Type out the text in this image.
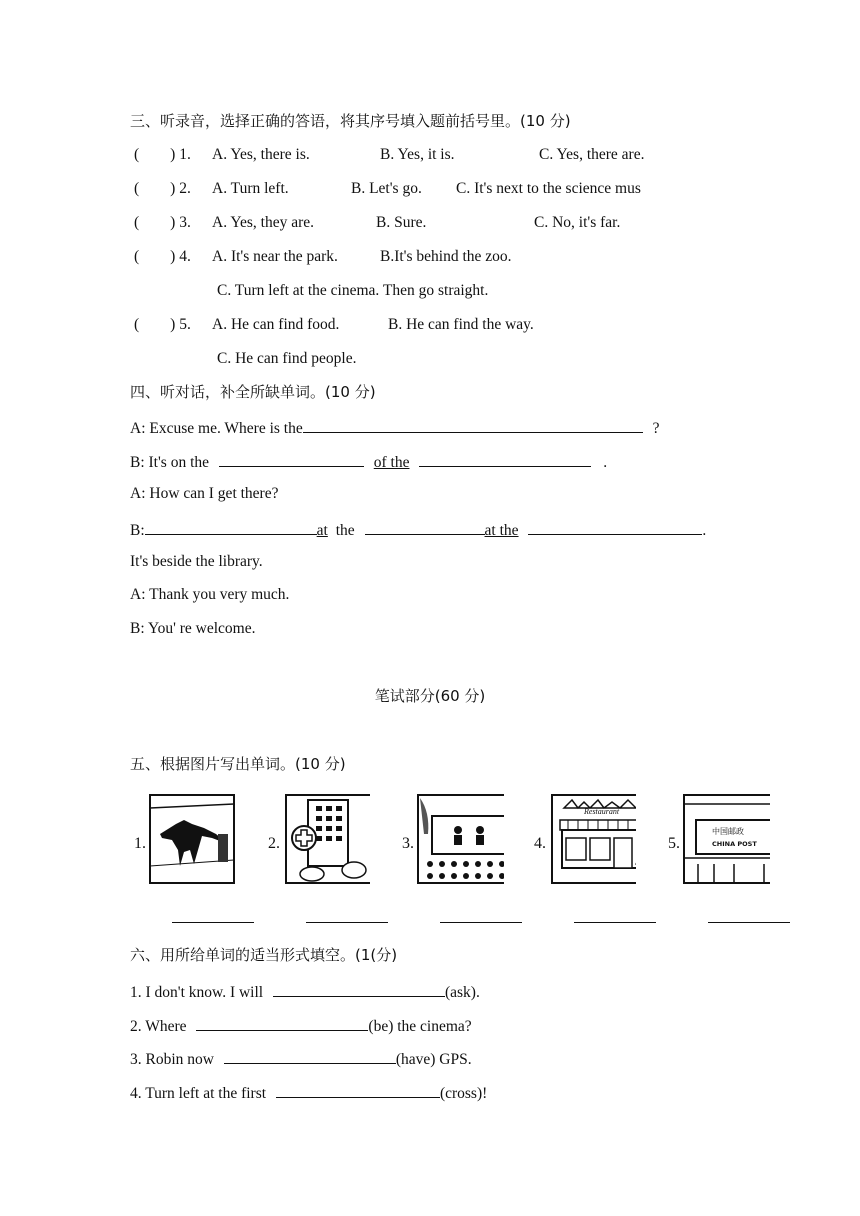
三、听录音，选择正确的答语，将其序号填入题前括号里。(10 分)
(　　) 1. A. Yes, there is.	B. Yes, it is.	C. Yes, there are.
(　　) 2. A. Turn left.	B. Let's go. C. It's next to the science mus
(　　) 3. A. Yes, they are.	B. Sure.	C. No, it's far.
(　　) 4. A. It's near the park.	B.It's behind the zoo.
C. Turn left at the cinema. Then go straight.
(　　) 5. A. He can find food.	B. He can find the way.
C. He can find people.
四、听对话，补全所缺单词。(10 分)
A: Excuse me. Where is the	?
B: It's on the	of the	.
A: How can I get there?
B:	at the	at the	.
It's beside the library.
A: Thank you very much.
B: You' re welcome.
笔试部分(60 分)
五、根据图片写出单词。(10 分)
1.	2.	3.
Restaurant
4.
中国邮政
CHINA POST
5.
六、用所给单词的适当形式填空。(1(分)
1. I don't know. I will	(ask).
2. Where	(be) the cinema?
3. Robin now	(have) GPS.
4. Turn left at the first	(cross)!
